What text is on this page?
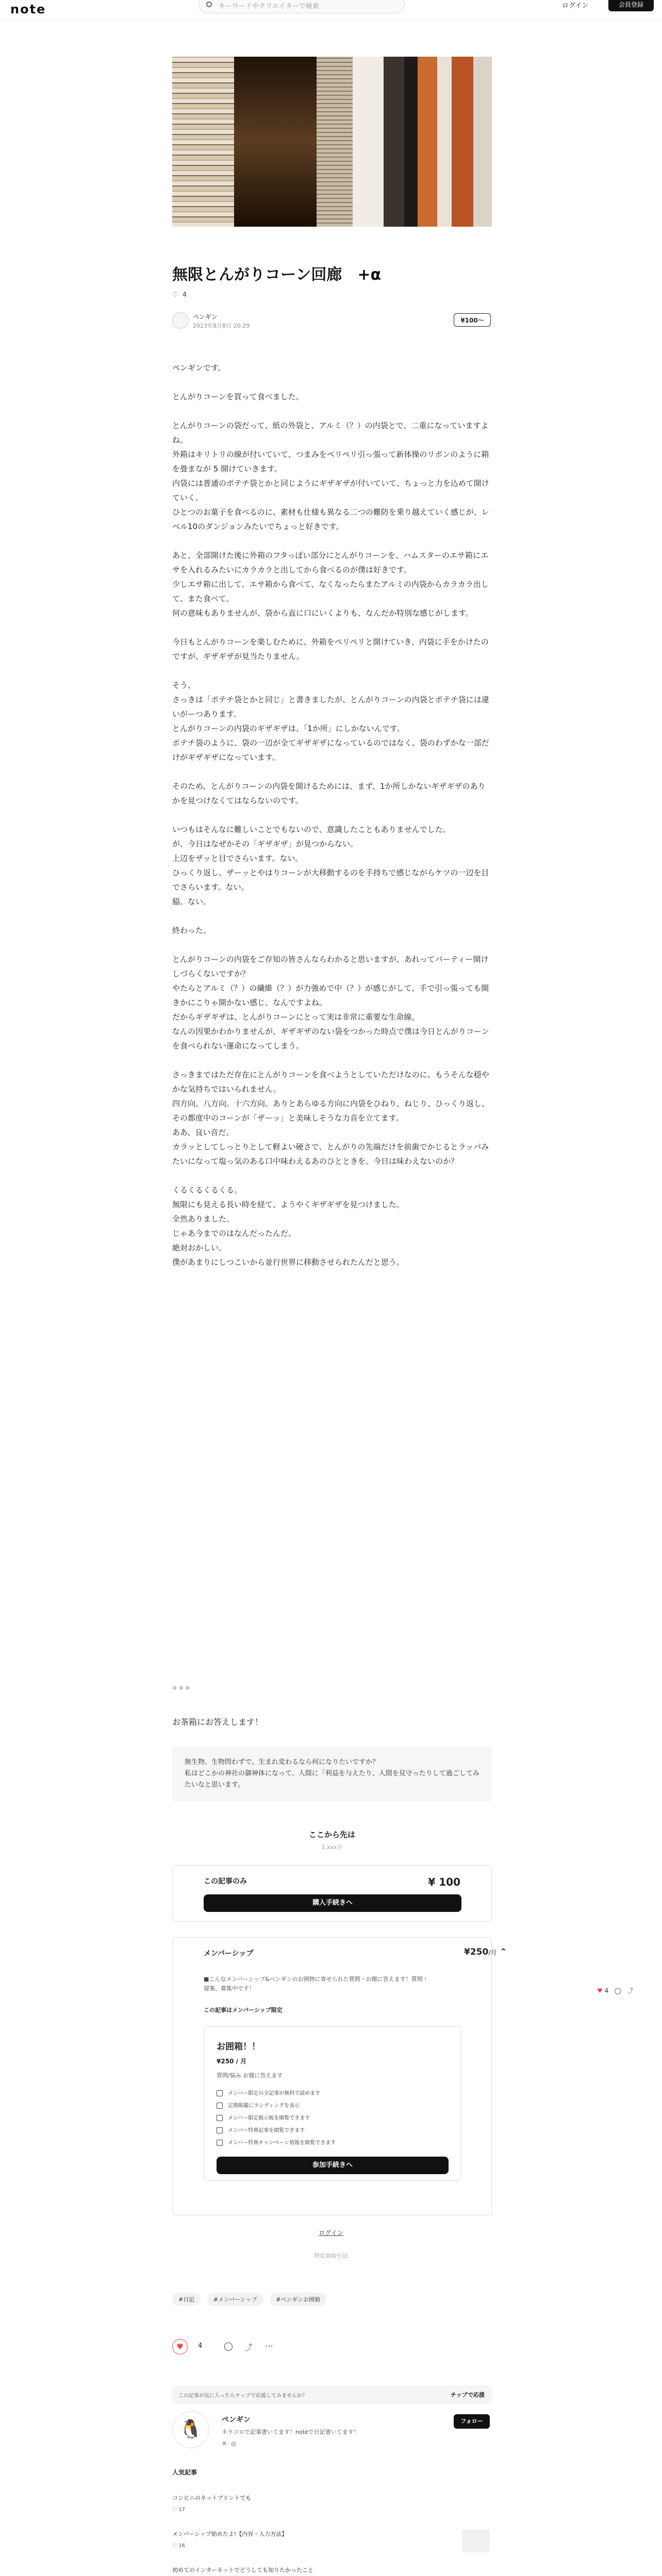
note	キーワードやクリエイターで検索	ログイン	会員登録
無限とんがりコーン回廊　+α
♡ 4
ペンギン
2023年8月8日 20:29
¥100〜

ペンギンです。

とんがりコーンを買って食べました。

とんがりコーンの袋だって、紙の外袋と、アルミ（？）の内袋とで、二重になっていますよね。
外箱はキリトリの線が付いていて、つまみをペリペリ引っ張って新体操のリボンのように箱を畳まなが 5 開けていきます。
内袋には普通のポテチ袋とかと同じようにギザギザが付いていて、ちょっと力を込めて開けていく。
ひとつのお菓子を食べるのに、素材も仕様も異なる二つの難防を乗り越えていく感じが、レベル10のダンジョンみたいでちょっと好きです。

あと、全部開けた後に外箱のフタっぽい部分にとんがりコーンを、ハムスターのエサ箱にエサを入れるみたいにカラカラと出してから食べるのが僕は好きです。
少しエサ箱に出して、エサ箱から食べて、なくなったらまたアルミの内袋からカラカラ出して、また食べて。
何の意味もありませんが、袋から直に口にいくよりも、なんだか特別な感じがします。

今日もとんがりコーンを楽しむために、外箱をペリペリと開けていき、内袋に手をかけたのですが、ギザギザが見当たりません。

そう、
さっきは「ポテチ袋とかと同じ」と書きましたが、とんがりコーンの内袋とポテチ袋には違いがーつあります。
とんがりコーンの内袋のギザギザは、「1か所」にしかないんです。
ポテチ袋のように、袋の一辺が全てギザギザになっているのではなく、袋のわずかな一部だけがギザギザになっています。

そのため、とんがりコーンの内袋を開けるためには、まず、1か所しかないギザギザのありかを見つけなくてはならないのです。

いつもはそんなに難しいことでもないので、意識したこともありませんでした。
が、今日はなぜかその「ギザギザ」が見つからない。
上辺をザッと目でさらいます。ない。
ひっくり返し、ザーッとやはりコーンが大移動するのを手持ちで感じながらケツの一辺を目でさらいます。ない。
脇。ない。

終わった。

とんがりコーンの内袋をご存知の皆さんならわかると思いますが、あれってパーティー開けしづらくないですか？
やたらとアルミ（？）の繊維（？）が力強めで中（？）が感じがして、手で引っ張っても開きかにこりゃ開かない感じ、なんですよね。
だからギザギザは、とんがりコーンにとって実は非常に重要な生命線。
なんの因果かわかりませんが、ギザギザのない袋をつかった時点で僕は今日とんがりコーンを食べられない運命になってしまう。

さっきまではただ存在にとんがりコーンを食べようとしていただけなのに、もうそんな穏やかな気持ちではいられません。
四方向。八方向。十六方向。ありとあらゆる方向に内袋をひねり、ねじり、ひっくり返し、その都度中のコーンが「ザーッ」と美味しそうな力音を立てます。
ああ、良い音だ。
カラッとしてしっとりとして軽よい硬さで、とんがりの先端だけを前歯でかじるとラッパみたいになって塩っ気のある口中味わえるあのひとときを。今日は味わえないのか？

くるくるくるくる。
無限にも見える長い時を経て、ようやくギザギザを見つけました。
全然ありました。
じゃあ今までのはなんだったんだ。
絶対おかしい。
僕があまりにしつこいから並行世界に移動させられたんだと思う。

※ ※ ※
お茶箱にお答えします！
無生物、生物問わずで、生まれ変わるなら何になりたいですか？
私はどこかの神社の御神体になって、人間に「利益を与えたり、人間を見守ったりして過ごしてみたいなと思います。
ここから先は
1,xxx字
この記事のみ	¥ 100
購入手続きへ
メンバーシップ	¥250/月 ⌃
■こんなメンバーシップ&ペンギンのお囲物に寄せられた質問・お題に答えます！質問・提案、募集中です！
この記事はメンバーシップ限定
お囲箱！！
¥250 / 月
質問/悩み お題に答えます
メンバー限定の全記事が無料で読めます
定期掲載にランディングを表示
メンバー限定掲示板を閲覧できます
メンバー特典記事を閲覧できます
メンバー特典キャンペーン情報を閲覧できます
参加手続きへ
ログイン
特定商取引法
#日記	#メンバーシップ	#ペンギンお囲箱
♥	4	◯ ⤴ ⋯
この記事が気に入ったらチップで応援してみませんか？	チップで応援
🐧	ペンギン
ネラコロで記事書いてます！noteで日記書いてます！
✕ ◎
フォロー
人気記事
コンビニのネットプリントでも
♡ 17
メンバーシップ始めたよ!【内容・入力方法】
♡ 16
初めてのインターネットでどうしても知りたかったこと
♥ 4 ◯ ⤴
